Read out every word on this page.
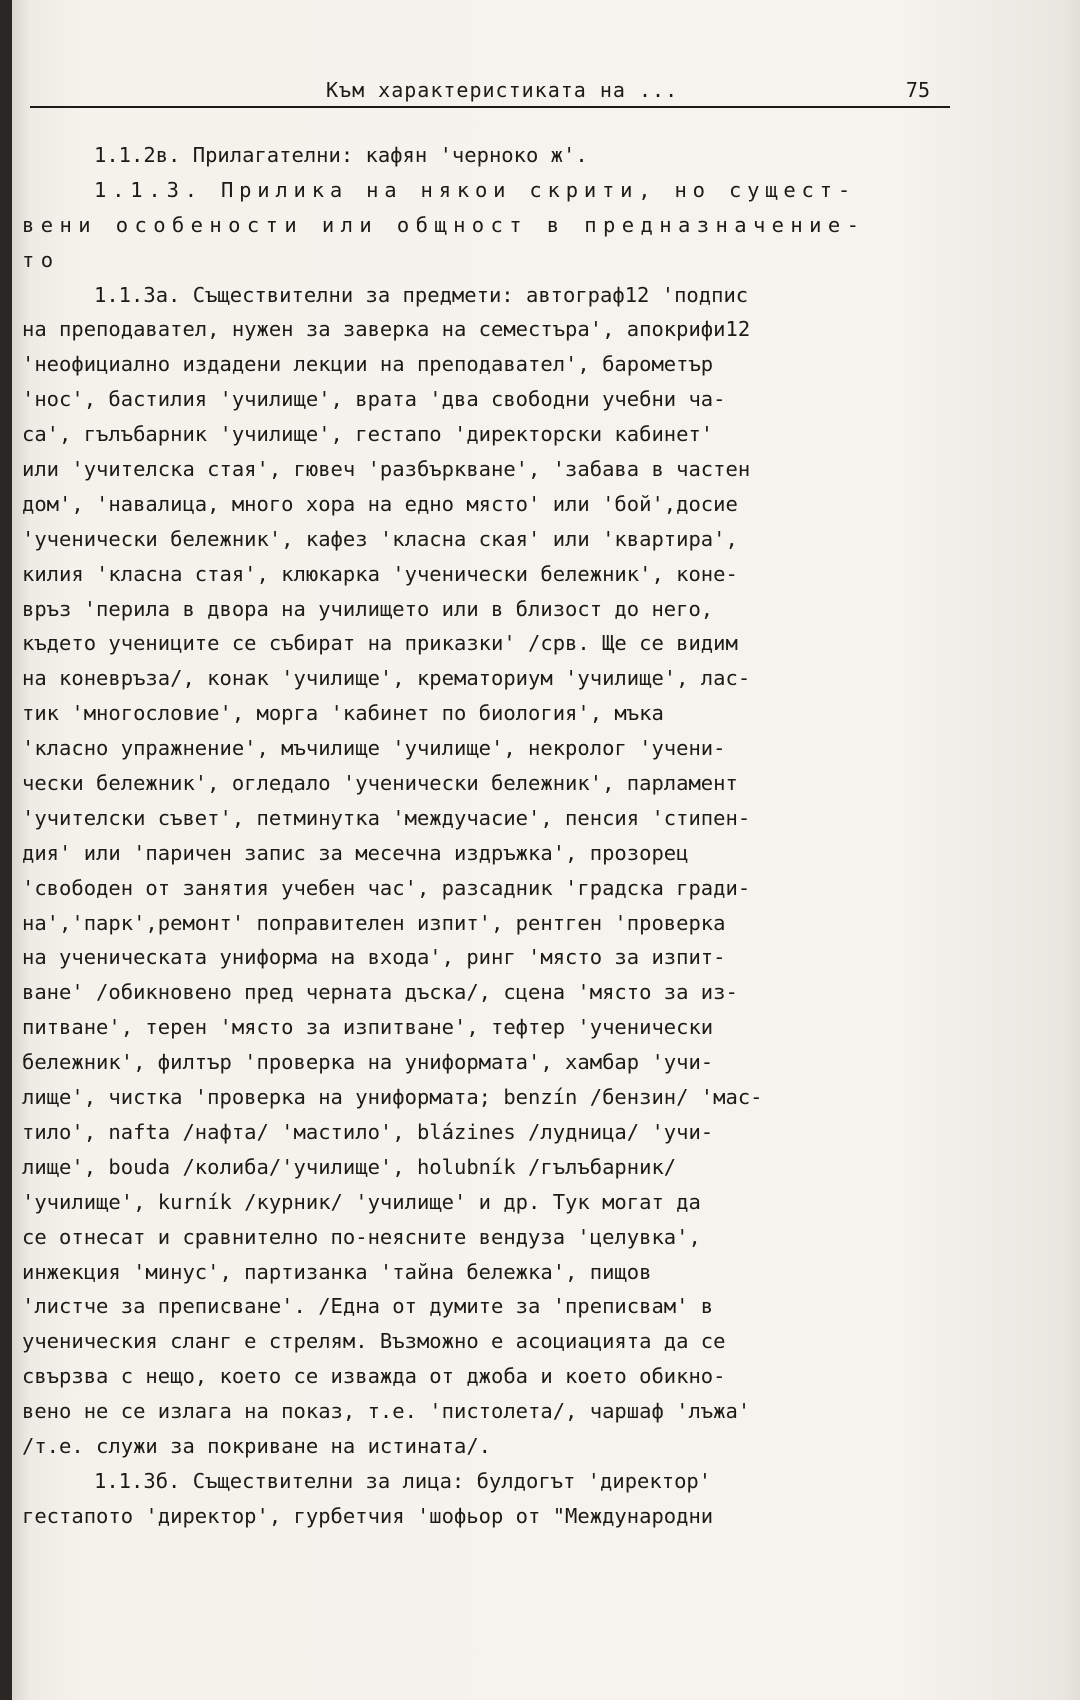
Към характеристиката на ...	75
1.1.2в. Прилагателни: кафян 'черноко ж'.
1.1.3. Прилика на някои скрити, но сущест-
вени особености или общност в предназначение-
то
1.1.3а. Съществителни за предмети: автограф12 'подпис
на преподавател, нужен за заверка на семестъра', апокрифи12
'неофициално издадени лекции на преподавател', барометър
'нос', бастилия 'училище', врата 'два свободни учебни ча-
са', гълъбарник 'училище', гестапо 'директорски кабинет'
или 'учителска стая', гювеч 'разбъркване', 'забава в частен
дом', 'навалица, много хора на едно място' или 'бой',досие
'ученически бележник', кафез 'класна ская' или 'квартира',
килия 'класна стая', клюкарка 'ученически бележник', коне-
връз 'перила в двора на училището или в близост до него,
където учениците се събират на приказки' /срв. Ще се видим
на коневръза/, конак 'училище', крематориум 'училище', лас-
тик 'многословие', морга 'кабинет по биология', мъка
'класно упражнение', мъчилище 'училище', некролог 'учени-
чески бележник', огледало 'ученически бележник', парламент
'учителски съвет', петминутка 'междучасие', пенсия 'стипен-
дия' или 'паричен запис за месечна издръжка', прозорец
'свободен от занятия учебен час', разсадник 'градска гради-
на','парк',ремонт' поправителен изпит', рентген 'проверка
на ученическата униформа на входа', ринг 'място за изпит-
ване' /обикновено пред черната дъска/, сцена 'място за из-
питване', терен 'място за изпитване', тефтер 'ученически
бележник', филтър 'проверка на униформата', хамбар 'учи-
лище', чистка 'проверка на униформата; benzín /бензин/ 'мас-
тило', nafta /нафта/ 'мастило', blázines /лудница/ 'учи-
лище', bouda /колиба/'училище', holubník /гълъбарник/
'училище', kurník /курник/ 'училище' и др. Тук могат да
се отнесат и сравнително по-неясните вендуза 'целувка',
инжекция 'минус', партизанка 'тайна бележка', пищов
'листче за преписване'. /Една от думите за 'преписвам' в
ученическия сланг е стрелям. Възможно е асоциацията да се
свързва с нещо, което се изважда от джоба и което обикно-
вено не се излага на показ, т.е. 'пистолета/, чаршаф 'лъжа'
/т.е. служи за покриване на истината/.
1.1.3б. Съществителни за лица: булдогът 'директор'
гестапото 'директор', гурбетчия 'шофьор от "Международни
